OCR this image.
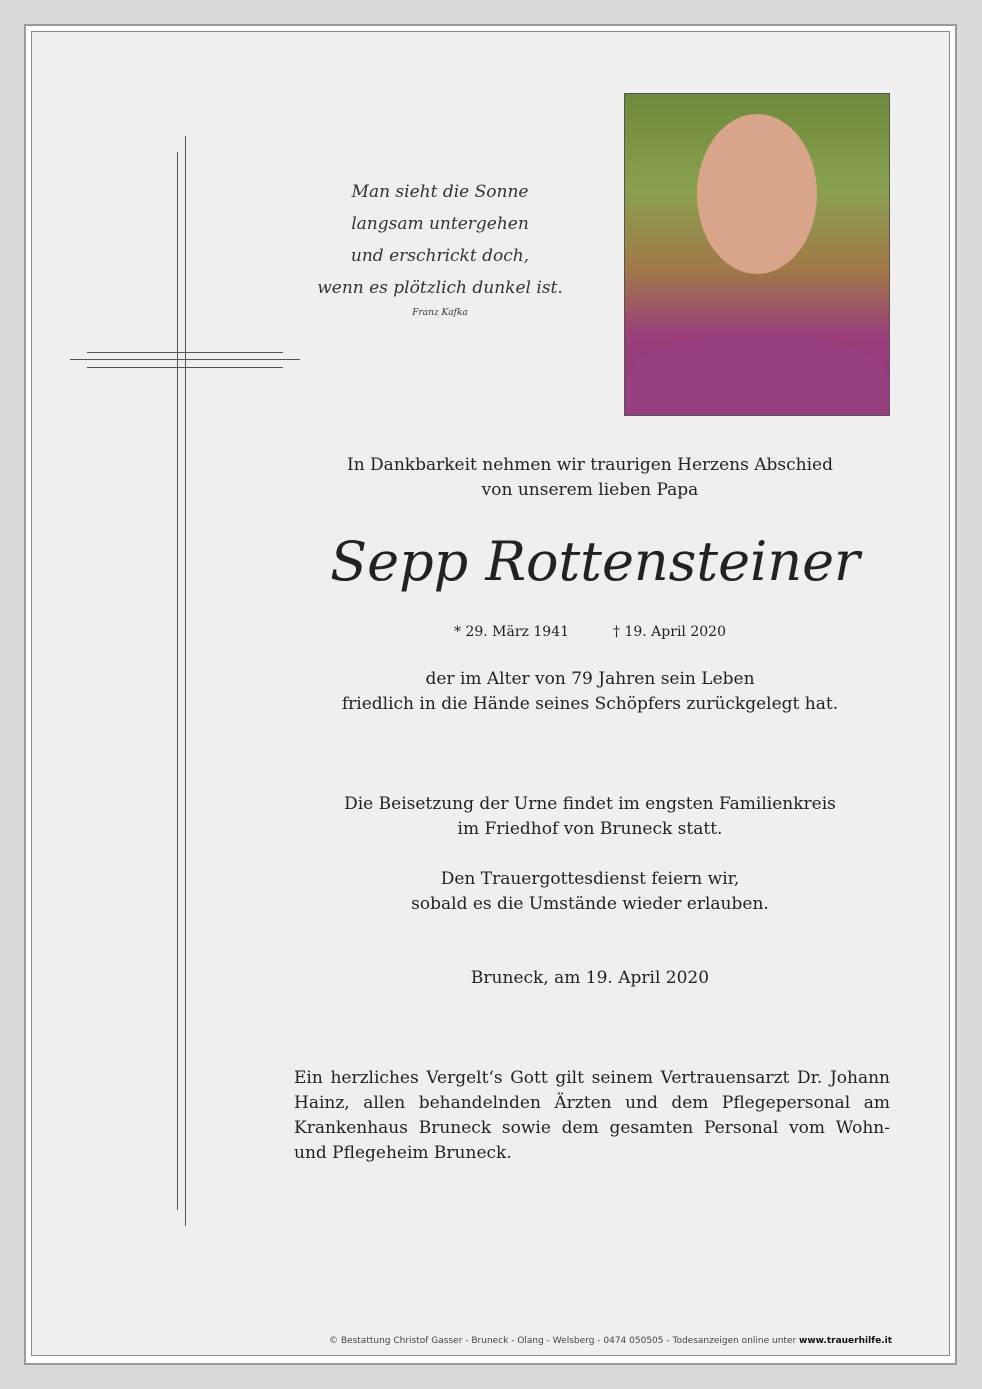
Man sieht die Sonne
langsam untergehen
und erschrickt doch,
wenn es plötzlich dunkel ist.
Franz Kafka
In Dankbarkeit nehmen wir traurigen Herzens Abschied
von unserem lieben Papa
Sepp Rottensteiner
* 29. März 1941	† 19. April 2020
der im Alter von 79 Jahren sein Leben
friedlich in die Hände seines Schöpfers zurückgelegt hat.
Die Beisetzung der Urne findet im engsten Familienkreis
im Friedhof von Bruneck statt.
Den Trauergottesdienst feiern wir,
sobald es die Umstände wieder erlauben.
Bruneck, am 19. April 2020
Ein herzliches Vergelt‘s Gott gilt seinem Vertrauensarzt Dr. Johann Hainz, allen behandelnden Ärzten und dem Pflegepersonal am Krankenhaus Bruneck sowie dem gesamten Personal vom Wohn- und Pflegeheim Bruneck.
© Bestattung Christof Gasser - Bruneck - Olang - Welsberg - 0474 050505 - Todesanzeigen online unter www.trauerhilfe.it
